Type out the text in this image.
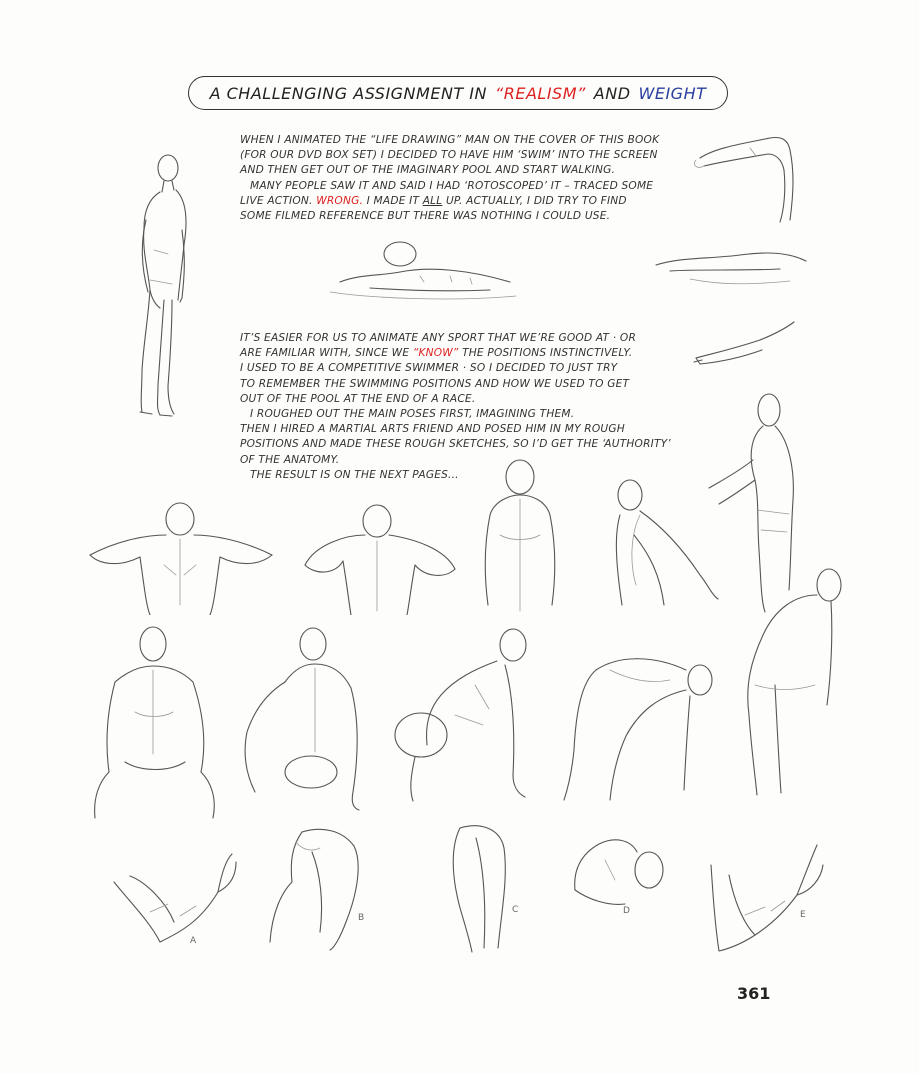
A CHALLENGING ASSIGNMENT IN “REALISM” AND WEIGHT

WHEN I ANIMATED THE “LIFE DRAWING” MAN ON THE COVER OF THIS BOOK

(FOR OUR DVD BOX SET) I DECIDED TO HAVE HIM ‘SWIM’ INTO THE SCREEN

AND THEN GET OUT OF THE IMAGINARY POOL AND START WALKING.

MANY PEOPLE SAW IT AND SAID I HAD ‘ROTOSCOPED’ IT – TRACED SOME

LIVE ACTION. WRONG. I MADE IT ALL UP. ACTUALLY, I DID TRY TO FIND

SOME FILMED REFERENCE BUT THERE WAS NOTHING I COULD USE.

IT’S EASIER FOR US TO ANIMATE ANY SPORT THAT WE’RE GOOD AT · OR

ARE FAMILIAR WITH, SINCE WE “KNOW” THE POSITIONS INSTINCTIVELY.

I USED TO BE A COMPETITIVE SWIMMER · SO I DECIDED TO JUST TRY

TO REMEMBER THE SWIMMING POSITIONS AND HOW WE USED TO GET

OUT OF THE POOL AT THE END OF A RACE.

I ROUGHED OUT THE MAIN POSES FIRST, IMAGINING THEM.

THEN I HIRED A MARTIAL ARTS FRIEND AND POSED HIM IN MY ROUGH

POSITIONS AND MADE THESE ROUGH SKETCHES, SO I’D GET THE ‘AUTHORITY’

OF THE ANATOMY.

THE RESULT IS ON THE NEXT PAGES...

A
B
C	D	E
361
